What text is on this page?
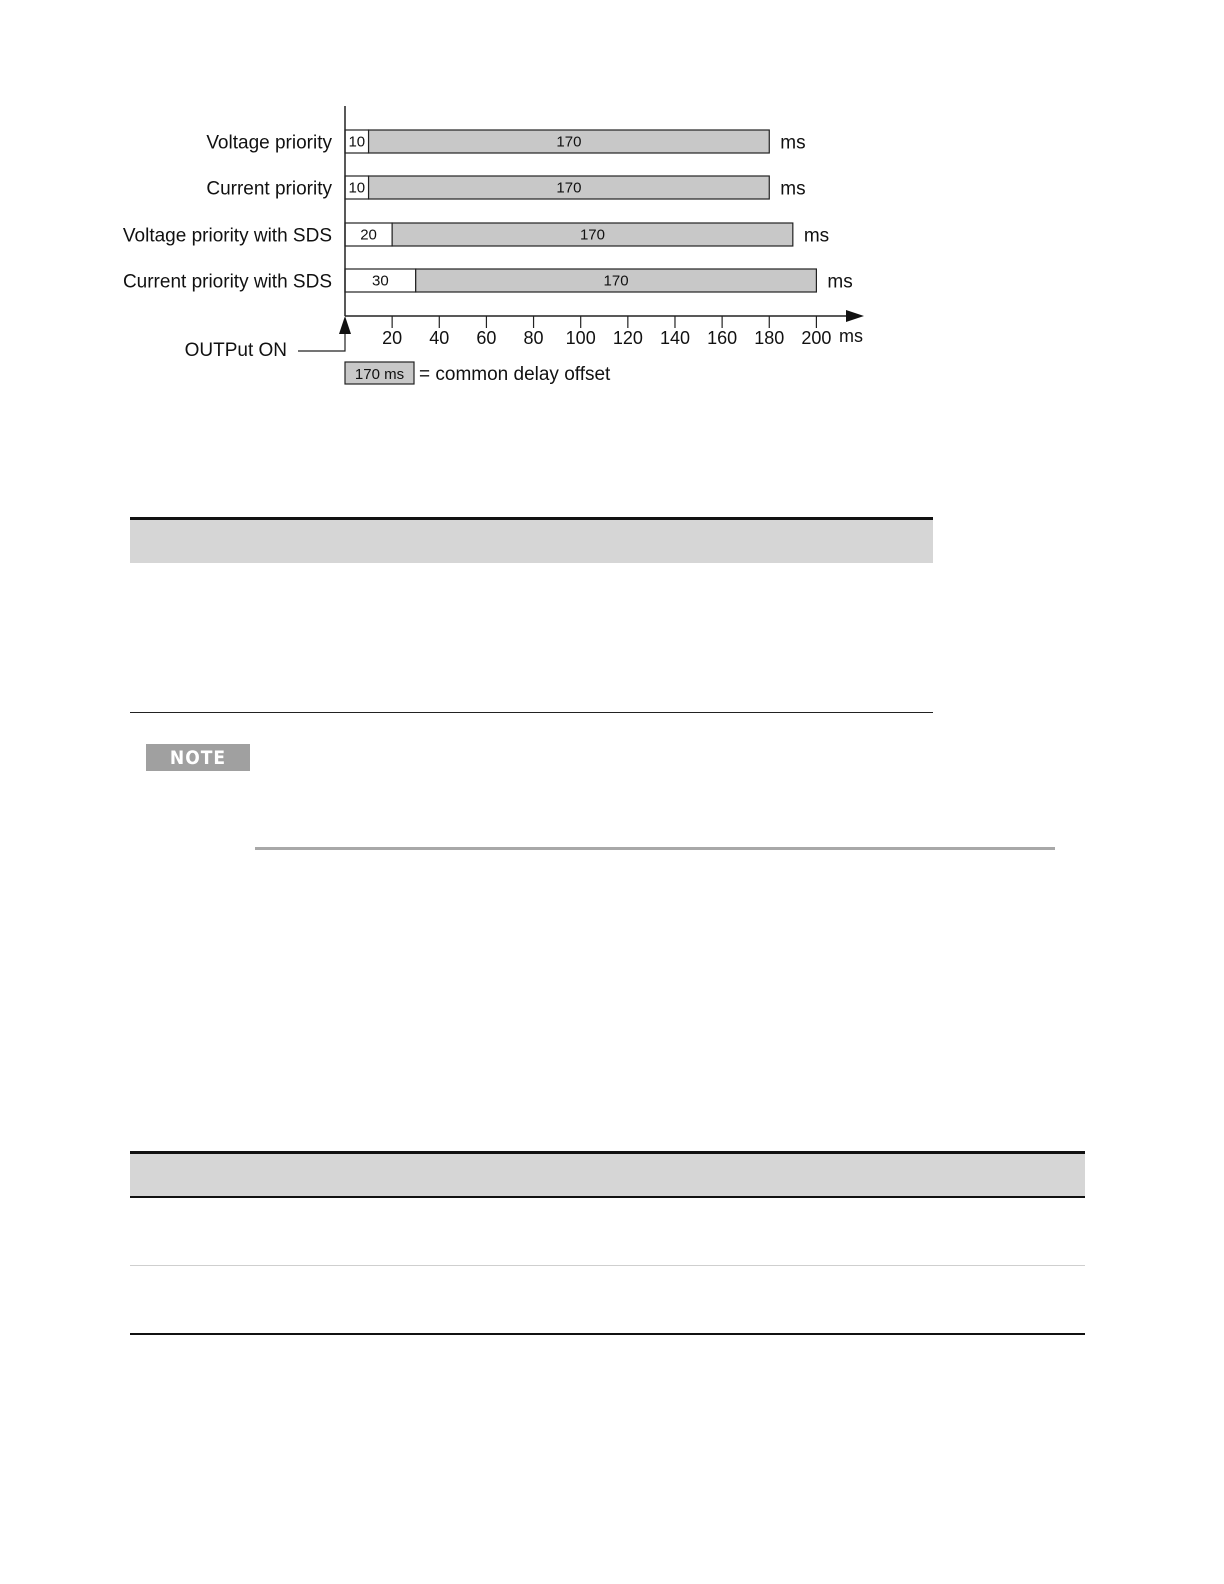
Voltage priority 10	170	ms
Current priority 10	170	ms
Voltage priority with SDS 20	170	ms
Current priority with SDS	30	170	ms
20 40 60 80 100 120 140 160 180 200 ms
OUTPut ON
170 ms = common delay offset
NOTE
